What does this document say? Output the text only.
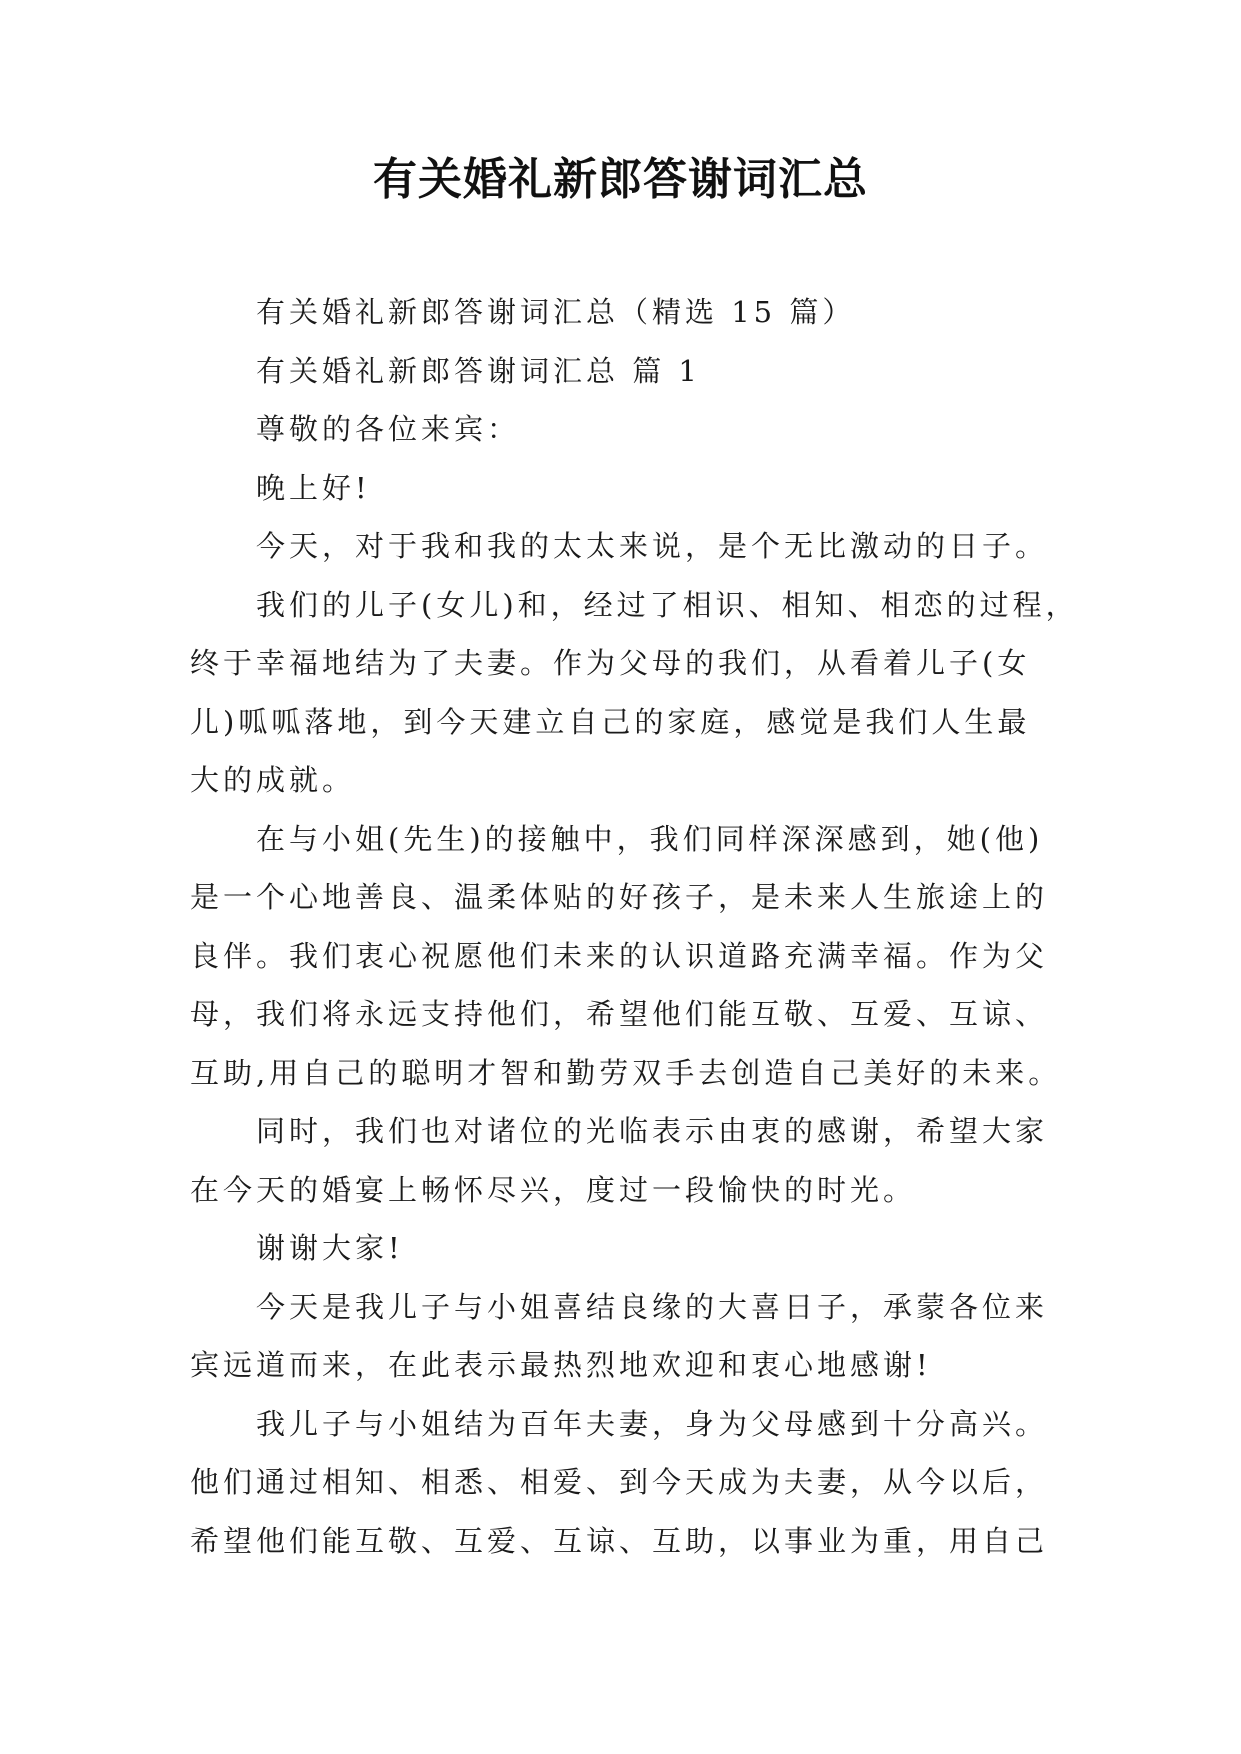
有关婚礼新郎答谢词汇总
有关婚礼新郎答谢词汇总（精选 15 篇）
有关婚礼新郎答谢词汇总 篇 1
尊敬的各位来宾：
晚上好!
今天，对于我和我的太太来说，是个无比激动的日子。
我们的儿子(女儿)和，经过了相识、相知、相恋的过程，
终于幸福地结为了夫妻。作为父母的我们，从看着儿子(女
儿)呱呱落地，到今天建立自己的家庭，感觉是我们人生最
大的成就。
在与小姐(先生)的接触中，我们同样深深感到，她(他)
是一个心地善良、温柔体贴的好孩子，是未来人生旅途上的
良伴。我们衷心祝愿他们未来的认识道路充满幸福。作为父
母，我们将永远支持他们，希望他们能互敬、互爱、互谅、
互助,用自己的聪明才智和勤劳双手去创造自己美好的未来。
同时，我们也对诸位的光临表示由衷的感谢，希望大家
在今天的婚宴上畅怀尽兴，度过一段愉快的时光。
谢谢大家!
今天是我儿子与小姐喜结良缘的大喜日子，承蒙各位来
宾远道而来，在此表示最热烈地欢迎和衷心地感谢!
我儿子与小姐结为百年夫妻，身为父母感到十分高兴。
他们通过相知、相悉、相爱、到今天成为夫妻，从今以后，
希望他们能互敬、互爱、互谅、互助，以事业为重，用自己
